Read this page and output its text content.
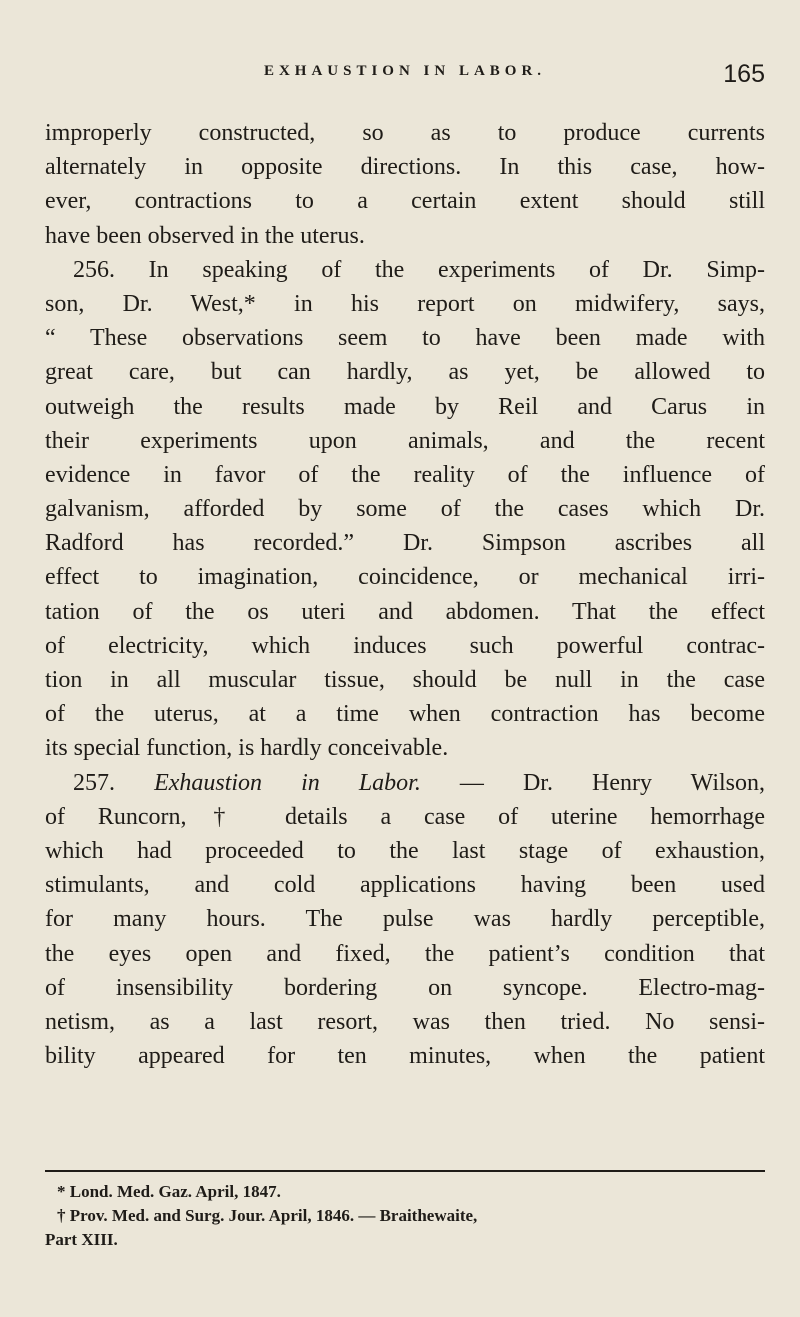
EXHAUSTION IN LABOR.	165
improperly constructed, so as to produce currents
alternately in opposite directions. In this case, how-
ever, contractions to a certain extent should still
have been observed in the uterus.
256. In speaking of the experiments of Dr. Simp-
son, Dr. West,* in his report on midwifery, says,
“ These observations seem to have been made with
great care, but can hardly, as yet, be allowed to
outweigh the results made by Reil and Carus in
their experiments upon animals, and the recent
evidence in favor of the reality of the influence of
galvanism, afforded by some of the cases which Dr.
Radford has recorded.” Dr. Simpson ascribes all
effect to imagination, coincidence, or mechanical irri-
tation of the os uteri and abdomen. That the effect
of electricity, which induces such powerful contrac-
tion in all muscular tissue, should be null in the case
of the uterus, at a time when contraction has become
its special function, is hardly conceivable.
257. Exhaustion in Labor. — Dr. Henry Wilson,
of Runcorn,† details a case of uterine hemorrhage
which had proceeded to the last stage of exhaustion,
stimulants, and cold applications having been used
for many hours. The pulse was hardly perceptible,
the eyes open and fixed, the patient’s condition that
of insensibility bordering on syncope. Electro-mag-
netism, as a last resort, was then tried. No sensi-
bility appeared for ten minutes, when the patient
* Lond. Med. Gaz. April, 1847.
† Prov. Med. and Surg. Jour. April, 1846. — Braithewaite,
Part XIII.
